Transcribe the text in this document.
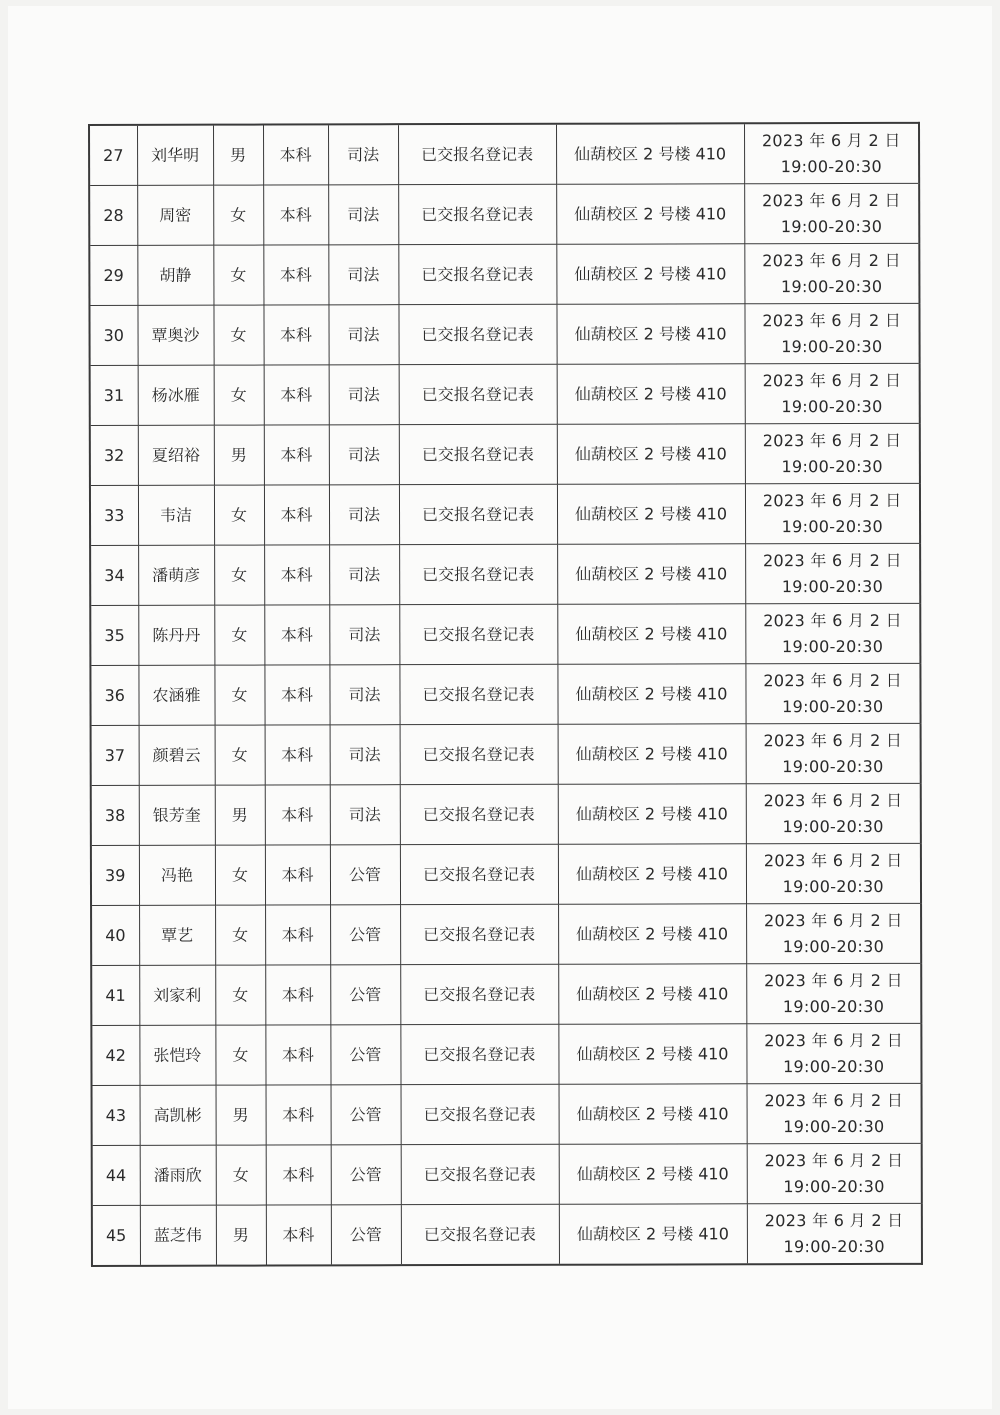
27	刘华明	男	本科	司法	已交报名登记表	仙葫校区 2 号楼 410	2023 年 6 月 2 日
19:00-20:30

28	周密	女	本科	司法	已交报名登记表	仙葫校区 2 号楼 410	2023 年 6 月 2 日
19:00-20:30

29	胡静	女	本科	司法	已交报名登记表	仙葫校区 2 号楼 410	2023 年 6 月 2 日
19:00-20:30

30	覃奥沙	女	本科	司法	已交报名登记表	仙葫校区 2 号楼 410	2023 年 6 月 2 日
19:00-20:30

31	杨冰雁	女	本科	司法	已交报名登记表	仙葫校区 2 号楼 410	2023 年 6 月 2 日
19:00-20:30

32	夏绍裕	男	本科	司法	已交报名登记表	仙葫校区 2 号楼 410	2023 年 6 月 2 日
19:00-20:30

33	韦洁	女	本科	司法	已交报名登记表	仙葫校区 2 号楼 410	2023 年 6 月 2 日
19:00-20:30

34	潘萌彦	女	本科	司法	已交报名登记表	仙葫校区 2 号楼 410	2023 年 6 月 2 日
19:00-20:30

35	陈丹丹	女	本科	司法	已交报名登记表	仙葫校区 2 号楼 410	2023 年 6 月 2 日
19:00-20:30

36	农涵雅	女	本科	司法	已交报名登记表	仙葫校区 2 号楼 410	2023 年 6 月 2 日
19:00-20:30

37	颜碧云	女	本科	司法	已交报名登记表	仙葫校区 2 号楼 410	2023 年 6 月 2 日
19:00-20:30

38	银芳奎	男	本科	司法	已交报名登记表	仙葫校区 2 号楼 410	2023 年 6 月 2 日
19:00-20:30

39	冯艳	女	本科	公管	已交报名登记表	仙葫校区 2 号楼 410	2023 年 6 月 2 日
19:00-20:30

40	覃艺	女	本科	公管	已交报名登记表	仙葫校区 2 号楼 410	2023 年 6 月 2 日
19:00-20:30

41	刘家利	女	本科	公管	已交报名登记表	仙葫校区 2 号楼 410	2023 年 6 月 2 日
19:00-20:30

42	张恺玲	女	本科	公管	已交报名登记表	仙葫校区 2 号楼 410	2023 年 6 月 2 日
19:00-20:30

43	高凯彬	男	本科	公管	已交报名登记表	仙葫校区 2 号楼 410	2023 年 6 月 2 日
19:00-20:30

44	潘雨欣	女	本科	公管	已交报名登记表	仙葫校区 2 号楼 410	2023 年 6 月 2 日
19:00-20:30

45	蓝芝伟	男	本科	公管	已交报名登记表	仙葫校区 2 号楼 410	2023 年 6 月 2 日
19:00-20:30
